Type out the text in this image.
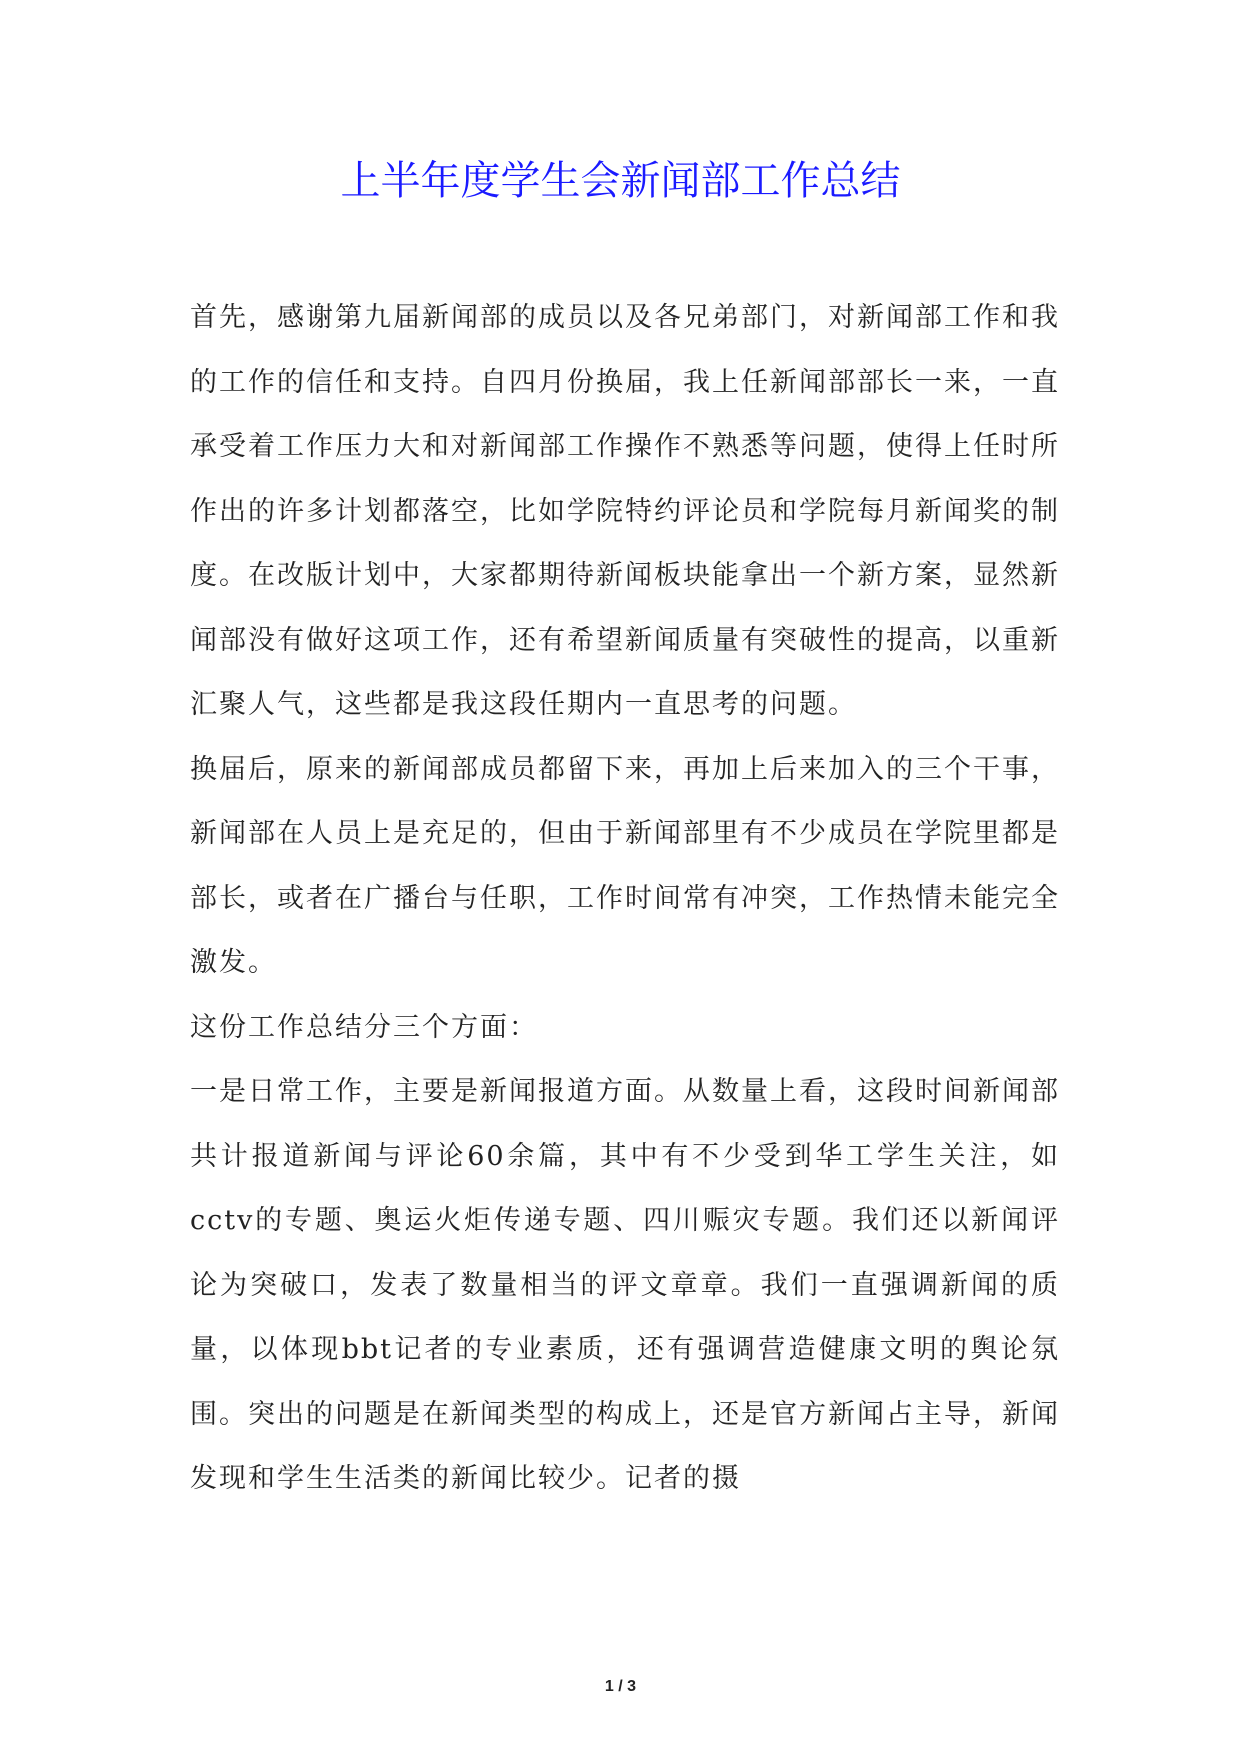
上半年度学生会新闻部工作总结

首先，感谢第九届新闻部的成员以及各兄弟部门，对新闻部工作和我的工作的信任和支持。自四月份换届，我上任新闻部部长一来，一直承受着工作压力大和对新闻部工作操作不熟悉等问题，使得上任时所作出的许多计划都落空，比如学院特约评论员和学院每月新闻奖的制度。在改版计划中，大家都期待新闻板块能拿出一个新方案，显然新闻部没有做好这项工作，还有希望新闻质量有突破性的提高，以重新汇聚人气，这些都是我这段任期内一直思考的问题。

换届后，原来的新闻部成员都留下来，再加上后来加入的三个干事，新闻部在人员上是充足的，但由于新闻部里有不少成员在学院里都是部长，或者在广播台与任职，工作时间常有冲突，工作热情未能完全激发。

这份工作总结分三个方面：

一是日常工作，主要是新闻报道方面。从数量上看，这段时间新闻部共计报道新闻与评论60余篇，其中有不少受到华工学生关注，如cctv的专题、奥运火炬传递专题、四川赈灾专题。我们还以新闻评论为突破口，发表了数量相当的评文章章。我们一直强调新闻的质量，以体现bbt记者的专业素质，还有强调营造健康文明的舆论氛围。突出的问题是在新闻类型的构成上，还是官方新闻占主导，新闻发现和学生生活类的新闻比较少。记者的摄

1 / 3
